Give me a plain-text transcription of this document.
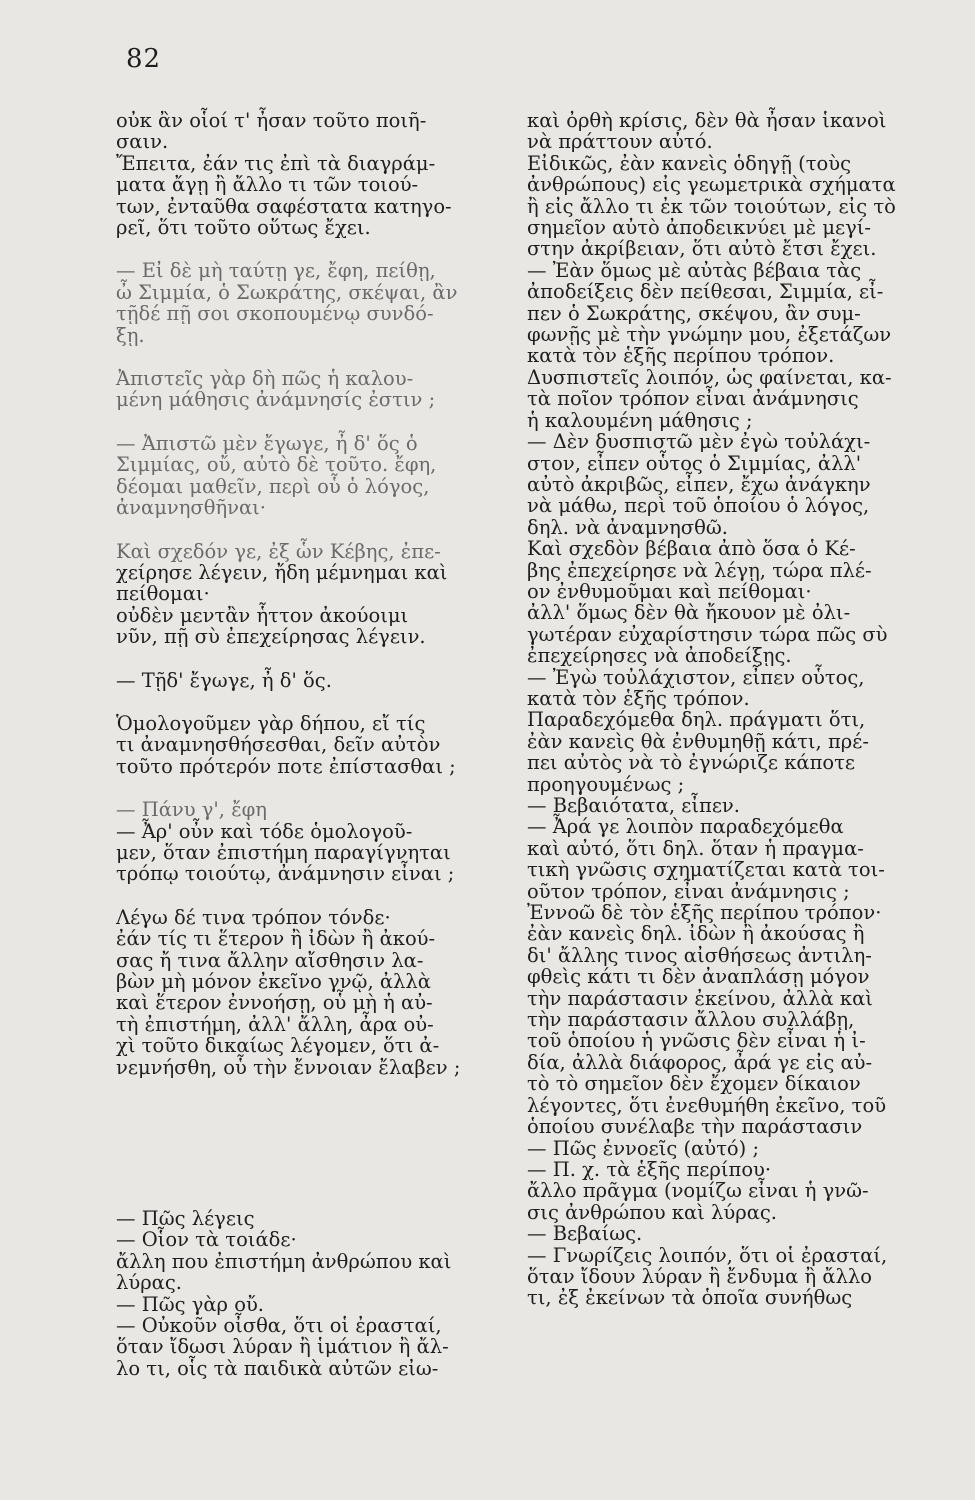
82
οὐκ ἂν οἷοί τ' ἦσαν τοῦτο ποιῆ-
σαιν.
Ἔπειτα, ἐάν τις ἐπὶ τὰ διαγράμ-
ματα ἄγῃ ἢ ἄλλο τι τῶν τοιού-
των, ἐνταῦθα σαφέστατα κατηγο-
ρεῖ, ὅτι τοῦτο οὕτως ἔχει.
— Εἰ δὲ μὴ ταύτῃ γε, ἔφη, πείθῃ,
ὦ Σιμμία, ὁ Σωκράτης, σκέψαι, ἂν
τῇδέ πῇ σοι σκοπουμένῳ συνδό-
ξῃ.
Ἀπιστεῖς γὰρ δὴ πῶς ἡ καλου-
μένη μάθησις ἀνάμνησίς ἐστιν ;
— Ἀπιστῶ μὲν ἔγωγε, ἦ δ' ὅς ὁ
Σιμμίας, οὔ, αὐτὸ δὲ τοῦτο. ἔφη,
δέομαι μαθεῖν, περὶ οὗ ὁ λόγος,
ἀναμνησθῆναι·
Καὶ σχεδόν γε, ἐξ ὧν Κέβης, ἐπε-
χείρησε λέγειν, ἤδη μέμνημαι καὶ
πείθομαι·
οὐδὲν μεντἂν ἧττον ἀκούοιμι
νῦν, πῇ σὺ ἐπεχείρησας λέγειν.
— Τῇδ' ἔγωγε, ἦ δ' ὅς.
Ὁμολογοῦμεν γὰρ δήπου, εἴ τίς
τι ἀναμνησθήσεσθαι, δεῖν αὐτὸν
τοῦτο πρότερόν ποτε ἐπίστασθαι ;
— Πάνυ γ', ἔφη
— Ἆρ' οὖν καὶ τόδε ὁμολογοῦ-
μεν, ὅταν ἐπιστήμη παραγίγνηται
τρόπῳ τοιούτῳ, ἀνάμνησιν εἶναι ;
Λέγω δέ τινα τρόπον τόνδε·
ἐάν τίς τι ἕτερον ἢ ἰδὼν ἢ ἀκού-
σας ἤ τινα ἄλλην αἴσθησιν λα-
βὼν μὴ μόνον ἐκεῖνο γνῷ, ἀλλὰ
καὶ ἕτερον ἐννοήσῃ, οὗ μὴ ἡ αὐ-
τὴ ἐπιστήμη, ἀλλ' ἄλλη, ἆρα οὐ-
χὶ τοῦτο δικαίως λέγομεν, ὅτι ἀ-
νεμνήσθη, οὗ τὴν ἔννοιαν ἔλαβεν ;
— Πῶς λέγεις
— Οἷον τὰ τοιάδε·
ἄλλη που ἐπιστήμη ἀνθρώπου καὶ
λύρας.
— Πῶς γὰρ οὔ.
— Οὐκοῦν οἶσθα, ὅτι οἱ ἐρασταί,
ὅταν ἴδωσι λύραν ἢ ἱμάτιον ἢ ἄλ-
λο τι, οἷς τὰ παιδικὰ αὐτῶν εἰω-
καὶ ὀρθὴ κρίσις, δὲν θὰ ἦσαν ἱκανοὶ
νὰ πράττουν αὐτό.
Εἰδικῶς, ἐὰν κανεὶς ὁδηγῇ (τοὺς
ἀνθρώπους) εἰς γεωμετρικὰ σχήματα
ἢ εἰς ἄλλο τι ἐκ τῶν τοιούτων, εἰς τὸ
σημεῖον αὐτὸ ἀποδεικνύει μὲ μεγί-
στην ἀκρίβειαν, ὅτι αὐτὸ ἔτσι ἔχει.
— Ἐὰν ὅμως μὲ αὐτὰς βέβαια τὰς
ἀποδείξεις δὲν πείθεσαι, Σιμμία, εἶ-
πεν ὁ Σωκράτης, σκέψου, ἂν συμ-
φωνῇς μὲ τὴν γνώμην μου, ἐξετάζων
κατὰ τὸν ἑξῆς περίπου τρόπον.
Δυσπιστεῖς λοιπόν, ὡς φαίνεται, κα-
τὰ ποῖον τρόπον εἶναι ἀνάμνησις
ἡ καλουμένη μάθησις ;
— Δὲν δυσπιστῶ μὲν ἐγὼ τοὐλάχι-
στον, εἶπεν οὗτος ὁ Σιμμίας, ἀλλ'
αὐτὸ ἀκριβῶς, εἶπεν, ἔχω ἀνάγκην
νὰ μάθω, περὶ τοῦ ὁποίου ὁ λόγος,
δηλ. νὰ ἀναμνησθῶ.
Καὶ σχεδὸν βέβαια ἀπὸ ὅσα ὁ Κέ-
βης ἐπεχείρησε νὰ λέγῃ, τώρα πλέ-
ον ἐνθυμοῦμαι καὶ πείθομαι·
ἀλλ' ὅμως δὲν θὰ ἤκουον μὲ ὀλι-
γωτέραν εὐχαρίστησιν τώρα πῶς σὺ
ἐπεχείρησες νὰ ἀποδείξῃς.
— Ἐγὼ τοὐλάχιστον, εἶπεν οὗτος,
κατὰ τὸν ἑξῆς τρόπον.
Παραδεχόμεθα δηλ. πράγματι ὅτι,
ἐὰν κανεὶς θὰ ἐνθυμηθῇ κάτι, πρέ-
πει αὐτὸς νὰ τὸ ἐγνώριζε κάποτε
προηγουμένως ;
— Βεβαιότατα, εἶπεν.
— Ἆρά γε λοιπὸν παραδεχόμεθα
καὶ αὐτό, ὅτι δηλ. ὅταν ἡ πραγμα-
τικὴ γνῶσις σχηματίζεται κατὰ τοι-
οῦτον τρόπον, εἶναι ἀνάμνησις ;
Ἐννοῶ δὲ τὸν ἑξῆς περίπου τρόπον·
ἐὰν κανεὶς δηλ. ἰδὼν ἢ ἀκούσας ἢ
δι' ἄλλης τινος αἰσθήσεως ἀντιλη-
φθεὶς κάτι τι δὲν ἀναπλάσῃ μόγον
τὴν παράστασιν ἐκείνου, ἀλλὰ καὶ
τὴν παράστασιν ἄλλου συλλάβῃ,
τοῦ ὁποίου ἡ γνῶσις δὲν εἶναι ἡ ἰ-
δία, ἀλλὰ διάφορος, ἆρά γε εἰς αὐ-
τὸ τὸ σημεῖον δὲν ἔχομεν δίκαιον
λέγοντες, ὅτι ἐνεθυμήθη ἐκεῖνο, τοῦ
ὁποίου συνέλαβε τὴν παράστασιν
— Πῶς ἐννοεῖς (αὐτό) ;
— Π. χ. τὰ ἑξῆς περίπου·
ἄλλο πρᾶγμα (νομίζω εἶναι ἡ γνῶ-
σις ἀνθρώπου καὶ λύρας.
— Βεβαίως.
— Γνωρίζεις λοιπόν, ὅτι οἱ ἐρασταί,
ὅταν ἴδουν λύραν ἢ ἔνδυμα ἢ ἄλλο
τι, ἐξ ἐκείνων τὰ ὁποῖα συνήθως
